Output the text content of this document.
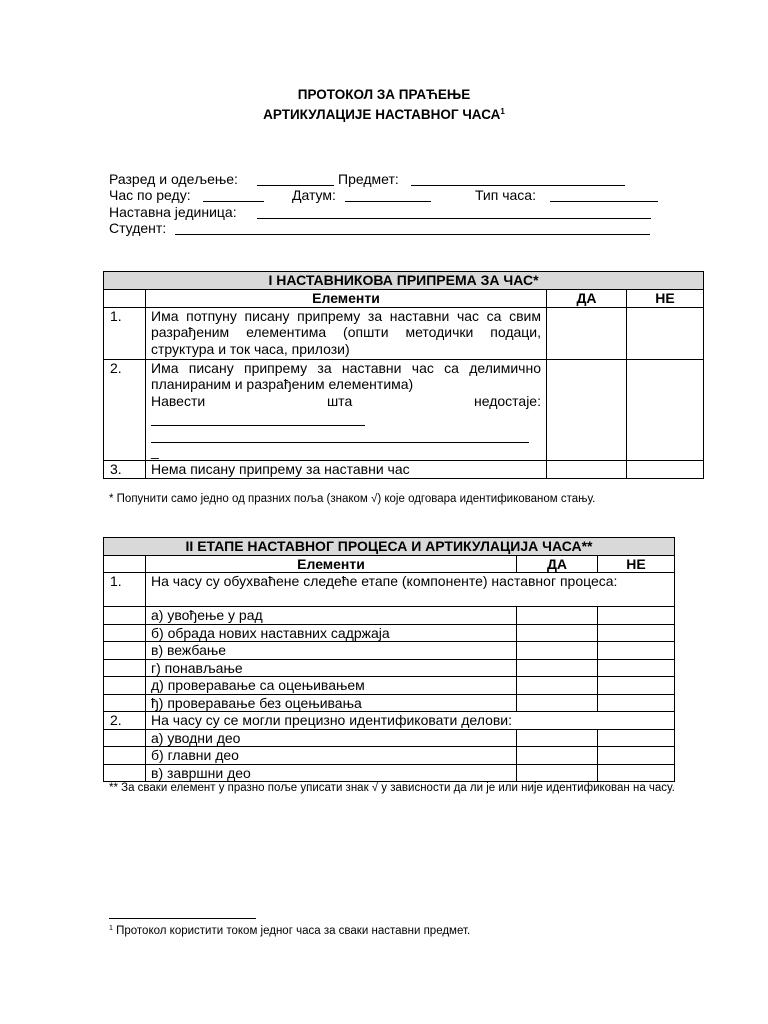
ПРОТОКОЛ ЗА ПРАЋЕЊЕ
АРТИКУЛАЦИЈЕ НАСТАВНОГ ЧАСА$^1$

Разред и одељење:

	Предмет:

Час по реду:

	Датум:

	Тип часа:

Наставна јединица:

Студент:

I НАСТАВНИКОВА ПРИПРЕМА ЗА ЧАС*			
	Елементи	ДА	НЕ
1.	Има потпуну писану припрему за наставни час са свим разрађеним елементима (општи методички подаци, структура и ток часа, прилози)		
2.	Има писану припрему за наставни час са делимично планираним и разрађеним елементима)
Навести шта недостаје:
_		

3.	Нема писану припрему за наставни час		
* Попунити само једно од празних поља (знаком √) које одговара идентификованом стању.
II ЕТАПЕ НАСТАВНОГ ПРОЦЕСА И АРТИКУЛАЦИЈА ЧАСА**			
	Елементи	ДА	НЕ
1.	На часу су обухваћене следеће етапе (компоненте) наставног процеса:		
	а) увођење у рад		
	б) обрада нових наставних садржаја		
	в) вежбање		
	г) понављање		
	д) проверавање са оцењивањем		
	ђ) проверавање без оцењивања		
2.	На часу су се могли прецизно идентификовати делови:		
	а) уводни део		
	б) главни део		
	в) завршни део		
** За сваки елемент у празно поље уписати знак √ у зависности да ли је или није идентификован на часу.
$^1$ Протокол користити током једног часа за сваки наставни предмет.
